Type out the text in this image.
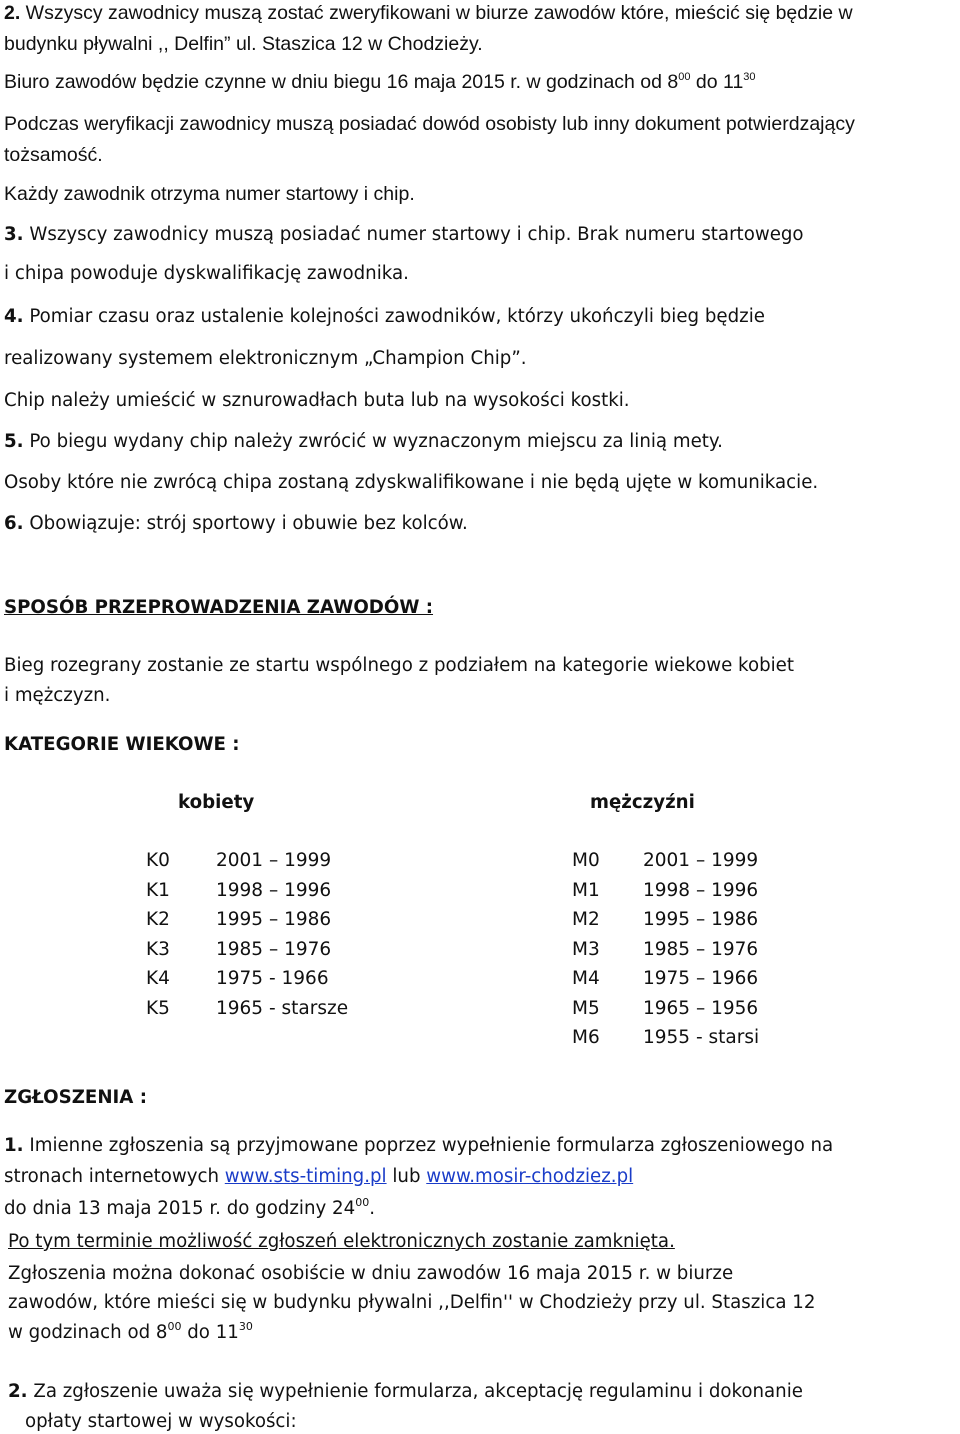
2. Wszyscy zawodnicy muszą zostać zweryfikowani w biurze zawodów które, mieścić się będzie w
budynku pływalni ,, Delfin” ul. Staszica 12 w Chodzieży.
Biuro zawodów będzie czynne w dniu biegu 16 maja 2015 r. w godzinach od $8^{00}$ do $11^{30}$
Podczas weryfikacji zawodnicy muszą posiadać dowód osobisty lub inny dokument potwierdzający
tożsamość.
Każdy zawodnik otrzyma numer startowy i chip.
3. Wszyscy zawodnicy muszą posiadać numer startowy i chip. Brak numeru startowego
i chipa powoduje dyskwalifikację zawodnika.
4. Pomiar czasu oraz ustalenie kolejności zawodników, którzy ukończyli bieg będzie
realizowany systemem elektronicznym „Champion Chip”.
Chip należy umieścić w sznurowadłach buta lub na wysokości kostki.
5. Po biegu wydany chip należy zwrócić w wyznaczonym miejscu za linią mety.
Osoby które nie zwrócą chipa zostaną zdyskwalifikowane i nie będą ujęte w komunikacie.
6. Obowiązuje: strój sportowy i obuwie bez kolców.
SPOSÓB PRZEPROWADZENIA ZAWODÓW :
Bieg rozegrany zostanie ze startu wspólnego z podziałem na kategorie wiekowe kobiet
i mężczyzn.
KATEGORIE WIEKOWE :
kobiety	mężczyźni
K0 2001 – 1999
K1 1998 – 1996
K2 1995 – 1986
K3 1985 – 1976
K4 1975 - 1966
K5 1965 - starsze
M0 2001 – 1999
M1 1998 – 1996
M2 1995 – 1986
M3 1985 – 1976
M4 1975 – 1966
M5 1965 – 1956
M6 1955 - starsi
ZGŁOSZENIA :
1. Imienne zgłoszenia są przyjmowane poprzez wypełnienie formularza zgłoszeniowego na
stronach internetowych www.sts-timing.pl lub www.mosir-chodziez.pl
do dnia 13 maja 2015 r. do godziny $24^{00}$.
Po tym terminie możliwość zgłoszeń elektronicznych zostanie zamknięta.
Zgłoszenia można dokonać osobiście w dniu zawodów 16 maja 2015 r. w biurze
zawodów, które mieści się w budynku pływalni ,,Delfin'' w Chodzieży przy ul. Staszica 12
w godzinach od $8^{00}$ do $11^{30}$
2. Za zgłoszenie uważa się wypełnienie formularza, akceptację regulaminu i dokonanie
opłaty startowej w wysokości:
